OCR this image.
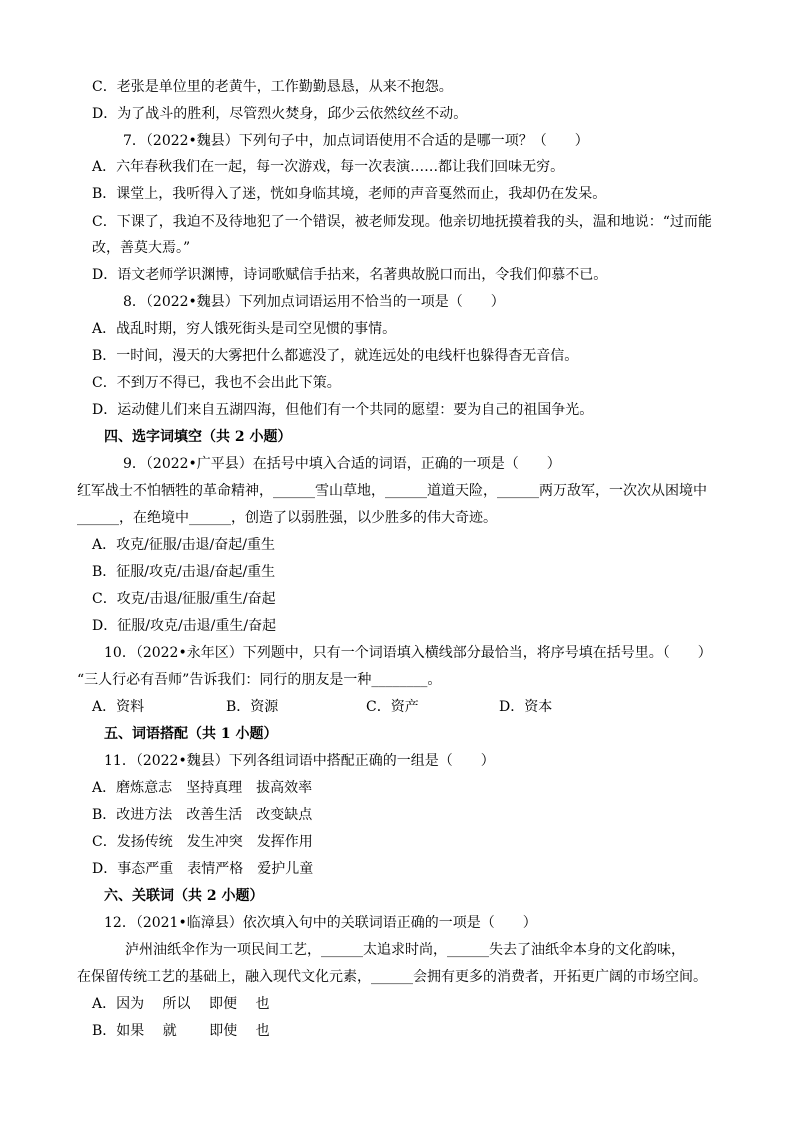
C．老张是单位里的老黄牛，工作勤勤恳恳，从来不抱怨。
D．为了战斗的胜利，尽管烈火焚身，邱少云依然纹丝不动。
7．（2022•魏县）下列句子中，加点词语使用不合适的是哪一项？（　　）
A．六年春秋我们在一起，每一次游戏，每一次表演……都让我们回味无穷。
B．课堂上，我听得入了迷，恍如身临其境，老师的声音戛然而止，我却仍在发呆。
C．下课了，我迫不及待地犯了一个错误，被老师发现。他亲切地抚摸着我的头，温和地说：“过而能
改，善莫大焉。”
D．语文老师学识渊博，诗词歌赋信手拈来，名著典故脱口而出，令我们仰慕不已。
8．（2022•魏县）下列加点词语运用不恰当的一项是（　　）
A．战乱时期，穷人饿死街头是司空见惯的事情。
B．一时间，漫天的大雾把什么都遮没了，就连远处的电线杆也躲得杳无音信。
C．不到万不得已，我也不会出此下策。
D．运动健儿们来自五湖四海，但他们有一个共同的愿望：要为自己的祖国争光。
四、选字词填空（共 2 小题）
9．（2022•广平县）在括号中填入合适的词语，正确的一项是（　　）
红军战士不怕牺牲的革命精神，______雪山草地，______道道天险，______两万敌军，一次次从困境中
______，在绝境中______，创造了以弱胜强，以少胜多的伟大奇迹。
A．攻克/征服/击退/奋起/重生
B．征服/攻克/击退/奋起/重生
C．攻克/击退/征服/重生/奋起
D．征服/攻克/击退/重生/奋起
10．（2022•永年区）下列题中，只有一个词语填入横线部分最恰当，将序号填在括号里。（　　）
“三人行必有吾师”告诉我们：同行的朋友是一种________。
A．资料	B．资源	C．资产	D．资本
五、词语搭配（共 1 小题）
11．（2022•魏县）下列各组词语中搭配正确的一组是（　　）
A．磨炼意志　坚持真理　拔高效率
B．改进方法　改善生活　改变缺点
C．发扬传统　发生冲突　发挥作用
D．事态严重　表情严格　爱护儿童
六、关联词（共 2 小题）
12．（2021•临漳县）依次填入句中的关联词语正确的一项是（　　）
泸州油纸伞作为一项民间工艺，______太追求时尚，______失去了油纸伞本身的文化韵味，
在保留传统工艺的基础上，融入现代文化元素，______会拥有更多的消费者，开拓更广阔的市场空间。
A．因为　 所以　 即便　 也
B．如果　 就　　 即使　 也
